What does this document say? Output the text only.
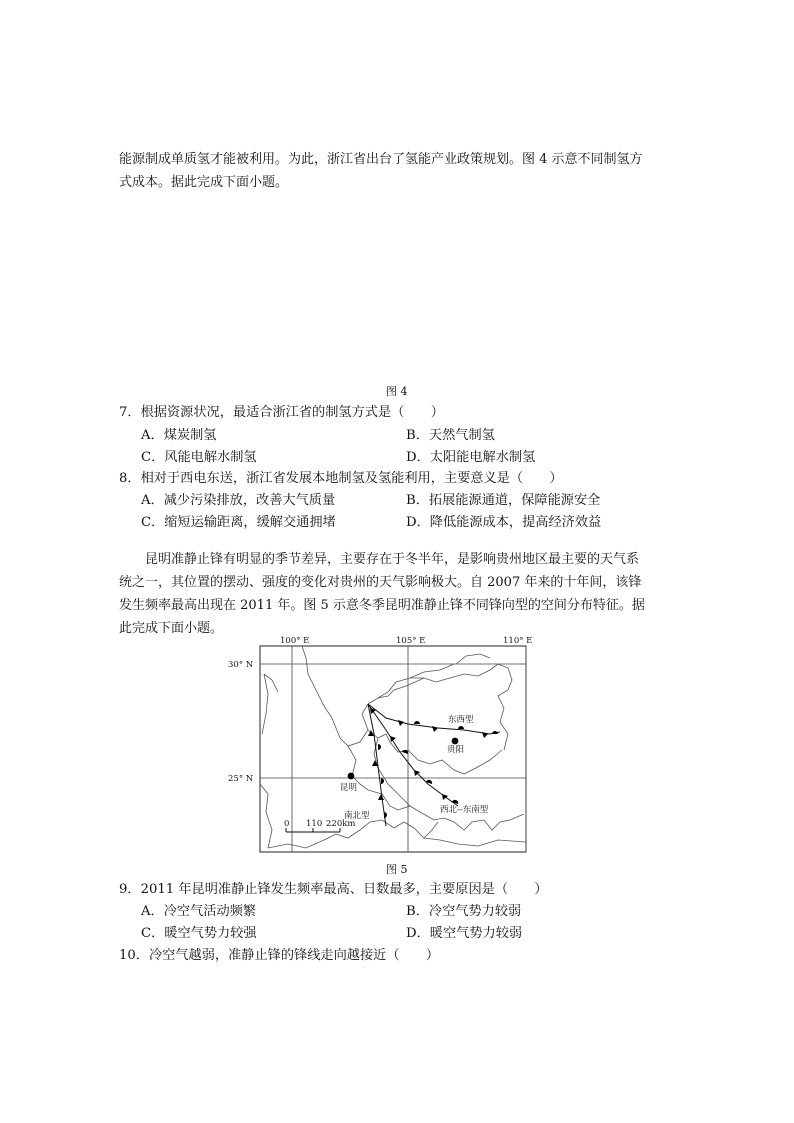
能源制成单质氢才能被利用。为此，浙江省出台了氢能产业政策规划。图 4 示意不同制氢方
式成本。据此完成下面小题。
图 4
7．根据资源状况，最适合浙江省的制氢方式是（　　）
A．煤炭制氢	B．天然气制氢
C．风能电解水制氢	D．太阳能电解水制氢
8．相对于西电东送，浙江省发展本地制氢及氢能利用，主要意义是（　　）
A．减少污染排放，改善大气质量	B．拓展能源通道，保障能源安全
C．缩短运输距离，缓解交通拥堵	D．降低能源成本，提高经济效益
昆明准静止锋有明显的季节差异，主要存在于冬半年，是影响贵州地区最主要的天气系
统之一，其位置的摆动、强度的变化对贵州的天气影响极大。自 2007 年来的十年间，该锋
发生频率最高出现在 2011 年。图 5 示意冬季昆明准静止锋不同锋向型的空间分布特征。据
此完成下面小题。
100° E	105° E	110° E
30° N
25° N
贵阳
昆明
东西型
南北型
西北--东南型
0 110 220km
图 5
9．2011 年昆明准静止锋发生频率最高、日数最多，主要原因是（　　）
A．冷空气活动频繁	B．冷空气势力较弱
C．暖空气势力较强	D．暖空气势力较弱
10．冷空气越弱，准静止锋的锋线走向越接近（　　）
